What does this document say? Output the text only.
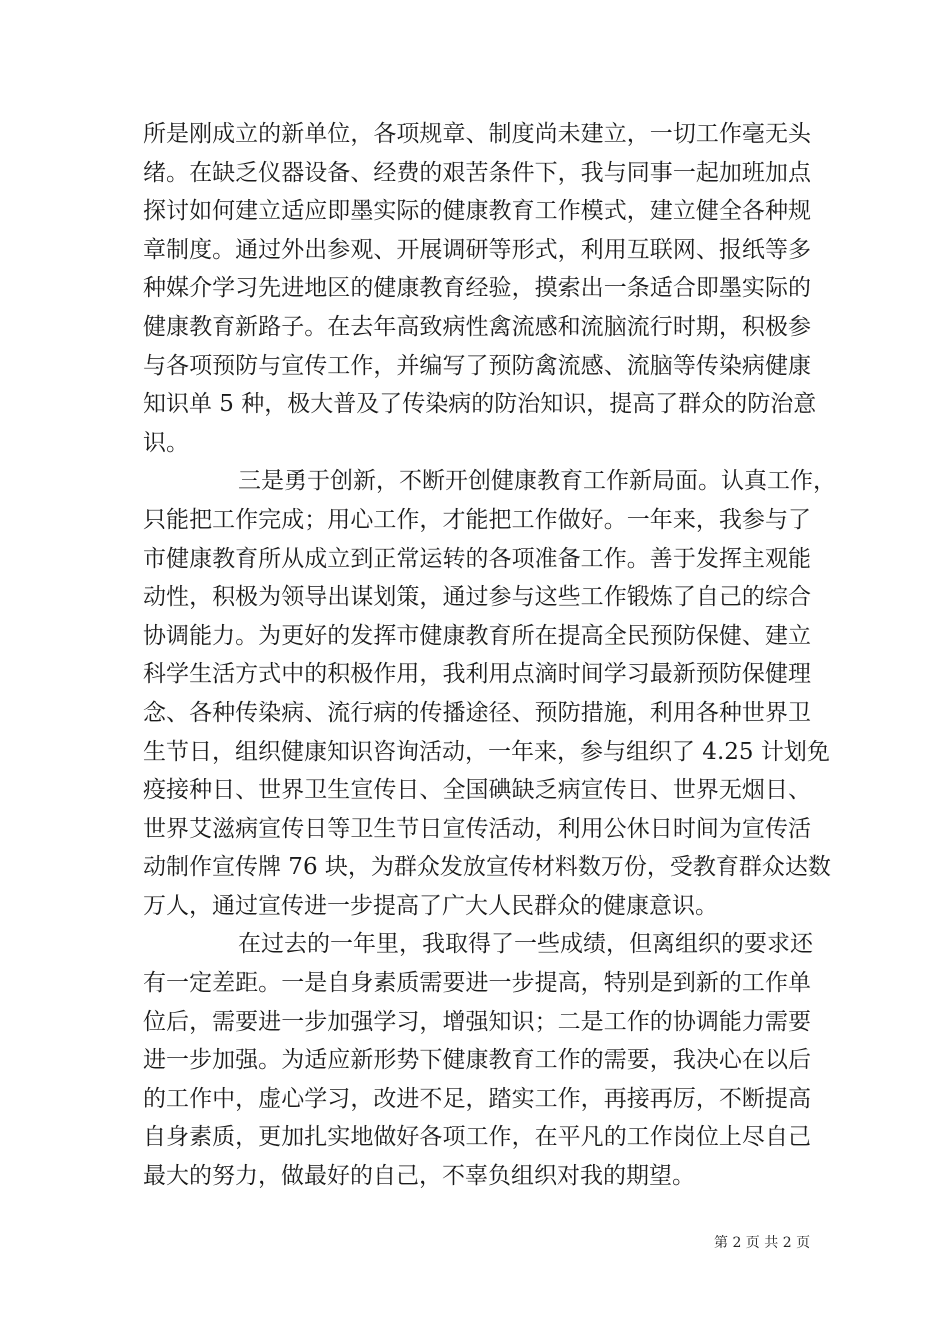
所是刚成立的新单位，各项规章、制度尚未建立，一切工作毫无头
绪。在缺乏仪器设备、经费的艰苦条件下，我与同事一起加班加点
探讨如何建立适应即墨实际的健康教育工作模式，建立健全各种规
章制度。通过外出参观、开展调研等形式，利用互联网、报纸等多
种媒介学习先进地区的健康教育经验，摸索出一条适合即墨实际的
健康教育新路子。在去年高致病性禽流感和流脑流行时期，积极参
与各项预防与宣传工作，并编写了预防禽流感、流脑等传染病健康
知识单 5 种，极大普及了传染病的防治知识，提高了群众的防治意
识。
三是勇于创新，不断开创健康教育工作新局面。认真工作，
只能把工作完成；用心工作，才能把工作做好。一年来，我参与了
市健康教育所从成立到正常运转的各项准备工作。善于发挥主观能
动性，积极为领导出谋划策，通过参与这些工作锻炼了自己的综合
协调能力。为更好的发挥市健康教育所在提高全民预防保健、建立
科学生活方式中的积极作用，我利用点滴时间学习最新预防保健理
念、各种传染病、流行病的传播途径、预防措施，利用各种世界卫
生节日，组织健康知识咨询活动，一年来，参与组织了 4.25 计划免
疫接种日、世界卫生宣传日、全国碘缺乏病宣传日、世界无烟日、
世界艾滋病宣传日等卫生节日宣传活动，利用公休日时间为宣传活
动制作宣传牌 76 块，为群众发放宣传材料数万份，受教育群众达数
万人，通过宣传进一步提高了广大人民群众的健康意识。
在过去的一年里，我取得了一些成绩，但离组织的要求还
有一定差距。一是自身素质需要进一步提高，特别是到新的工作单
位后，需要进一步加强学习，增强知识；二是工作的协调能力需要
进一步加强。为适应新形势下健康教育工作的需要，我决心在以后
的工作中，虚心学习，改进不足，踏实工作，再接再厉，不断提高
自身素质，更加扎实地做好各项工作，在平凡的工作岗位上尽自己
最大的努力，做最好的自己，不辜负组织对我的期望。
第 2 页 共 2 页
